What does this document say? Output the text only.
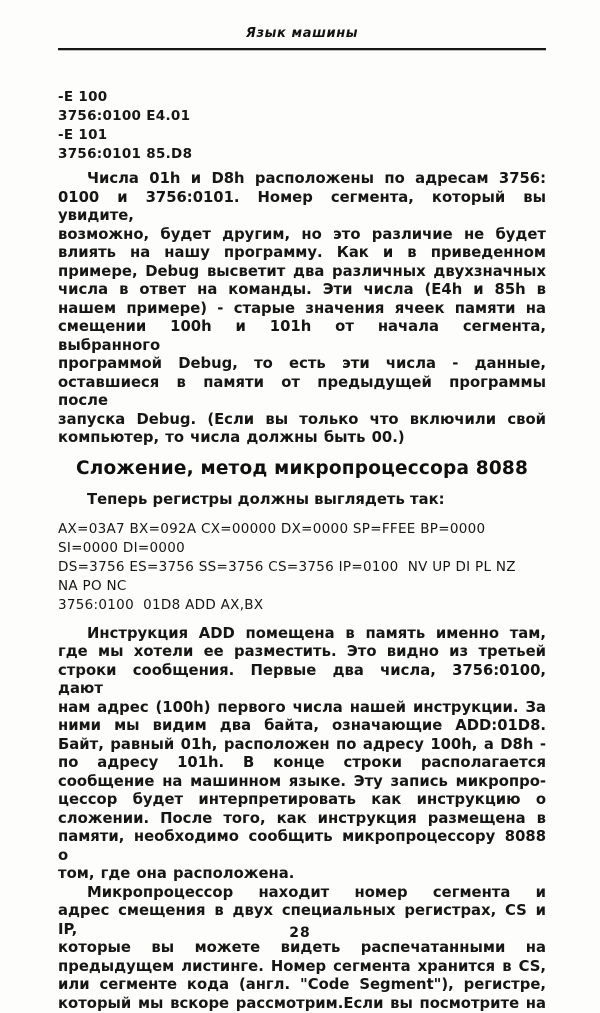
Язык машины
-E 100
3756:0100 E4.01
-E 101
3756:0101 85.D8
Числа 01h и D8h расположены по адресам 3756:
0100 и 3756:0101. Номер сегмента, который вы увидите,
возможно, будет другим, но это различие не будет
влиять на нашу программу. Как и в приведенном
примере, Debug высветит два различных двухзначных
числа в ответ на команды. Эти числа (E4h и 85h в
нашем примере) - старые значения ячеек памяти на
смещении 100h и 101h от начала сегмента, выбранного
программой Debug, то есть эти числа - данные,
оставшиеся в памяти от предыдущей программы после
запуска Debug. (Если вы только что включили свой
компьютер, то числа должны быть 00.)
Сложение, метод микропроцессора 8088
Теперь регистры должны выглядеть так:
AX=03A7 BX=092A CX=00000 DX=0000 SP=FFEE BP=0000
SI=0000 DI=0000
DS=3756 ES=3756 SS=3756 CS=3756 IP=0100  NV UP DI PL NZ
NA PO NC
3756:0100  01D8 ADD AX,BX
Инструкция ADD помещена в память именно там,
где мы хотели ее разместить. Это видно из третьей
строки сообщения. Первые два числа, 3756:0100, дают
нам адрес (100h) первого числа нашей инструкции. За
ними мы видим два байта, означающие ADD:01D8.
Байт, равный 01h, расположен по адресу 100h, а D8h -
по адресу 101h. В конце строки располагается
сообщение на машинном языке. Эту запись микропро-
цессор будет интерпретировать как инструкцию о
сложении. После того, как инструкция размещена в
памяти, необходимо сообщить микропроцессору 8088 о
том, где она расположена.
Микропроцессор находит номер сегмента и
адрес смещения в двух специальных регистрах, CS и IP,
которые вы можете видеть распечатанными на
предыдущем листинге. Номер сегмента хранится в CS,
или сегменте кода (англ. "Code Segment"), регистре,
который мы вскоре рассмотрим.Если вы посмотрите на
28
